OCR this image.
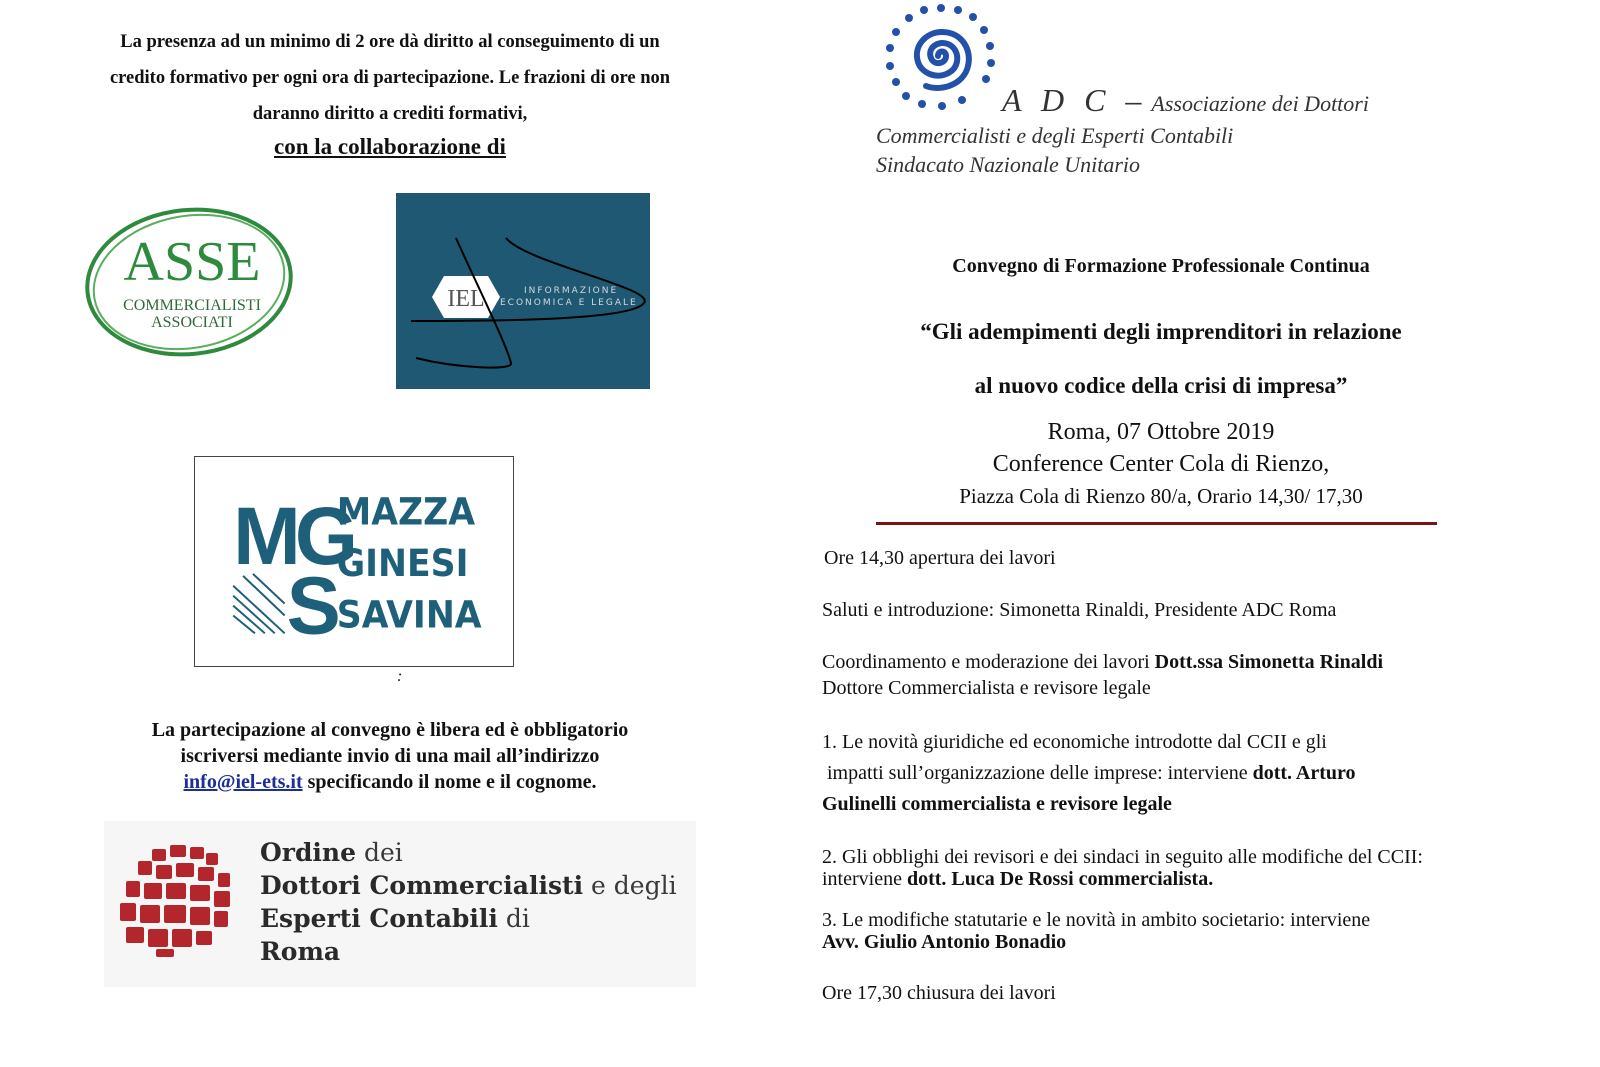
La presenza ad un minimo di 2 ore dà diritto al conseguimento di un
credito formativo per ogni ora di partecipazione. Le frazioni di ore non
daranno diritto a crediti formativi,
con la collaborazione di
ASSE
COMMERCIALISTI
ASSOCIATI
IEL	INFORMAZIONE
ECONOMICA E LEGALE
MG
S
MAZZA
GINESI
SAVINA
:
La partecipazione al convegno è libera ed è obbligatorio
iscriversi mediante invio di una mail all’indirizzo
info@iel-ets.it specificando il nome e il cognome.
Ordine dei
Dottori Commercialisti e degli
Esperti Contabili di
Roma
A D C – Associazione dei Dottori
Commercialisti e degli Esperti Contabili
Sindacato Nazionale Unitario
Convegno di Formazione Professionale Continua
“Gli adempimenti degli imprenditori in relazione
al nuovo codice della crisi di impresa”
Roma, 07 Ottobre 2019
Conference Center Cola di Rienzo,
Piazza Cola di Rienzo 80/a, Orario 14,30/ 17,30
Ore 14,30 apertura dei lavori
Saluti e introduzione: Simonetta Rinaldi, Presidente ADC Roma
Coordinamento e moderazione dei lavori Dott.ssa Simonetta Rinaldi
Dottore Commercialista e revisore legale
1. Le novità giuridiche ed economiche introdotte dal CCII e gli
impatti sull’organizzazione delle imprese: interviene dott. Arturo
Gulinelli commercialista e revisore legale
2. Gli obblighi dei revisori e dei sindaci in seguito alle modifiche del CCII:
interviene dott. Luca De Rossi commercialista.
3. Le modifiche statutarie e le novità in ambito societario: interviene
Avv. Giulio Antonio Bonadio
Ore 17,30 chiusura dei lavori
